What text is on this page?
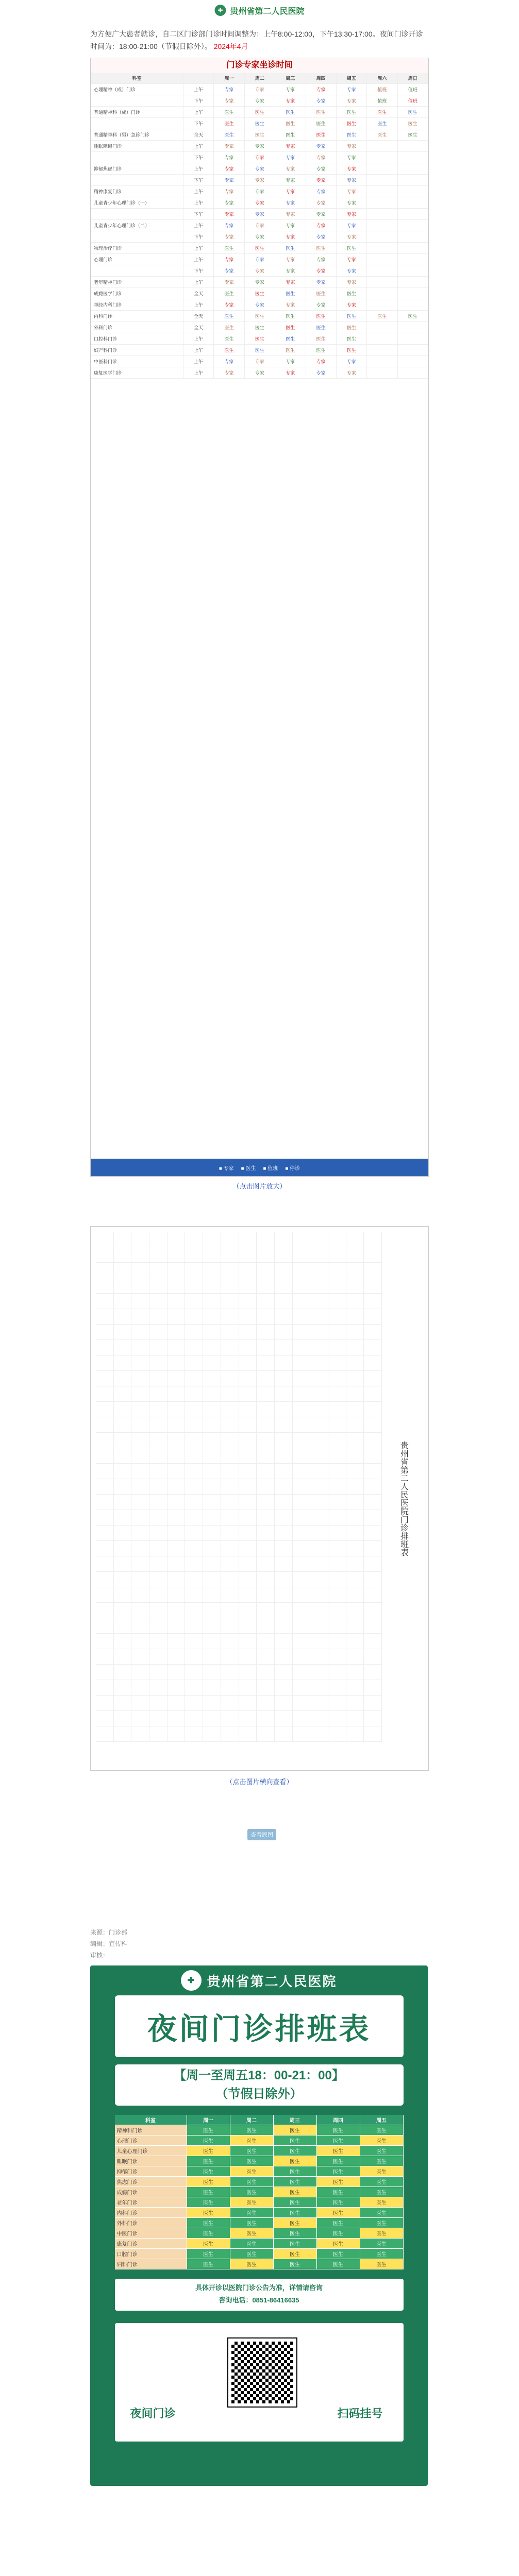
✚ 贵州省第二人民医院
为方便广大患者就诊，自二区门诊部门诊时间调整为：上午8:00-12:00，下午13:30-17:00。夜间门诊开诊时间为：18:00-21:00（节假日除外）。 2024年4月
门诊专家坐诊时间
科室	周一	周二	周三	周四	周五	周六	周日
心理精神（成）门诊	上午	专家	专家	专家	专家	专家	值班	值班
下午	专家	专家	专家	专家	专家	值班	值班
普通精神科（成）门诊	上午	医生	医生	医生	医生	医生	医生	医生
下午	医生	医生	医生	医生	医生	医生	医生
普通精神科（男）急诊门诊	全天	医生	医生	医生	医生	医生	医生	医生
睡眠障碍门诊	上午	专家	专家	专家	专家	专家
下午	专家	专家	专家	专家	专家
抑郁焦虑门诊	上午	专家	专家	专家	专家	专家
下午	专家	专家	专家	专家	专家
精神康复门诊	上午	专家	专家	专家	专家	专家
儿童青少年心理门诊（一）	上午	专家	专家	专家	专家	专家
下午	专家	专家	专家	专家	专家
儿童青少年心理门诊（二）	上午	专家	专家	专家	专家	专家
下午	专家	专家	专家	专家	专家
物理治疗门诊	上午	医生	医生	医生	医生	医生
心理门诊	上午	专家	专家	专家	专家	专家
下午	专家	专家	专家	专家	专家
老年精神门诊	上午	专家	专家	专家	专家	专家
成瘾医学门诊	全天	医生	医生	医生	医生	医生
神经内科门诊	上午	专家	专家	专家	专家	专家
内科门诊	全天	医生	医生	医生	医生	医生	医生	医生
外科门诊	全天	医生	医生	医生	医生	医生
口腔科门诊	上午	医生	医生	医生	医生	医生
妇产科门诊	上午	医生	医生	医生	医生	医生
中医科门诊	上午	专家	专家	专家	专家	专家
康复医学门诊	上午	专家	专家	专家	专家	专家
■ 专家 ■ 医生 ■ 值班 ■ 停诊
（点击图片放大）
贵州省第二人民医院门诊排班表
（点击图片横向查看）
查看原图
来源：门诊部
编辑：宣传科
审核：
✚ 贵州省第二人民医院
夜间门诊排班表
【周一至周五18：00-21：00】
（节假日除外）
科室	周一	周二	周三	周四	周五
精神科门诊	医生	医生	医生	医生	医生
心理门诊	医生	医生	医生	医生	医生
儿童心理门诊	医生	医生	医生	医生	医生
睡眠门诊	医生	医生	医生	医生	医生
抑郁门诊	医生	医生	医生	医生	医生
焦虑门诊	医生	医生	医生	医生	医生
成瘾门诊	医生	医生	医生	医生	医生
老年门诊	医生	医生	医生	医生	医生
内科门诊	医生	医生	医生	医生	医生
外科门诊	医生	医生	医生	医生	医生
中医门诊	医生	医生	医生	医生	医生
康复门诊	医生	医生	医生	医生	医生
口腔门诊	医生	医生	医生	医生	医生
妇科门诊	医生	医生	医生	医生	医生
具体开诊以医院门诊公告为准，详情请咨询
咨询电话：0851-86416635
夜间门诊	扫码挂号
